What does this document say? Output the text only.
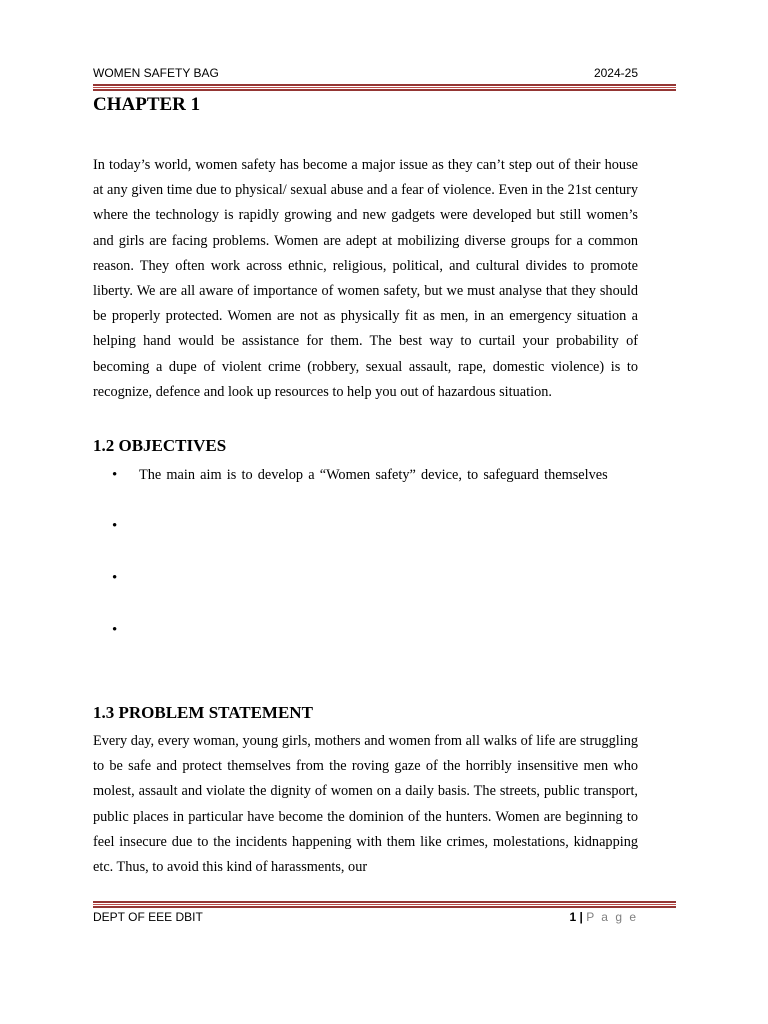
WOMEN SAFETY BAG	2024-25
CHAPTER 1

In today’s world, women safety has become a major issue as they can’t step out of their house at any given time due to physical/ sexual abuse and a fear of violence. Even in the 21st century where the technology is rapidly growing and new gadgets were developed but still women’s and girls are facing problems. Women are adept at mobilizing diverse groups for a common reason. They often work across ethnic, religious, political, and cultural divides to promote liberty. We are all aware of importance of women safety, but we must analyse that they should be properly protected. Women are not as physically fit as men, in an emergency situation a helping hand would be assistance for them. The best way to curtail your probability of becoming a dupe of violent crime (robbery, sexual assault, rape, domestic violence) is to recognize, defence and look up resources to help you out of hazardous situation.

1.2 OBJECTIVES
•	The main aim is to develop a “Women safety” device, to safeguard themselves
•
•
•
1.3 PROBLEM STATEMENT

Every day, every woman, young girls, mothers and women from all walks of life are struggling to be safe and protect themselves from the roving gaze of the horribly insensitive men who molest, assault and violate the dignity of women on a daily basis. The streets, public transport, public places in particular have become the dominion of the hunters. Women are beginning to feel insecure due to the incidents happening with them like crimes, molestations, kidnapping etc. Thus, to avoid this kind of harassments, our

DEPT OF EEE DBIT	1 | P a g e
